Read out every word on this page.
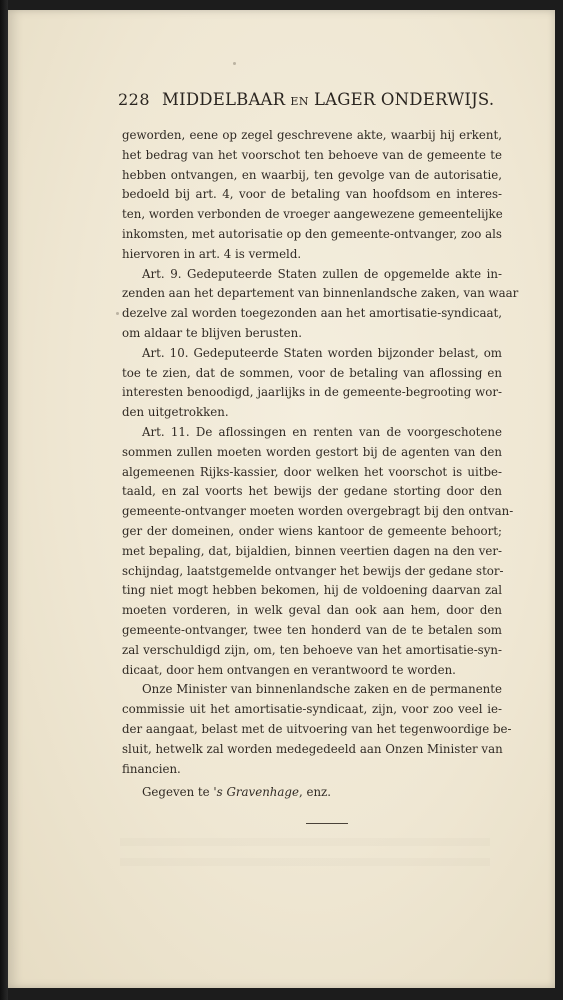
228 MIDDELBAAR EN LAGER ONDERWIJS.
geworden, eene op zegel geschrevene akte, waarbij hij erkent,
het bedrag van het voorschot ten behoeve van de gemeente te
hebben ontvangen, en waarbij, ten gevolge van de autorisatie,
bedoeld bij art. 4, voor de betaling van hoofdsom en interes-
ten, worden verbonden de vroeger aangewezene gemeentelijke
inkomsten, met autorisatie op den gemeente-ontvanger, zoo als
hiervoren in art. 4 is vermeld.
Art. 9. Gedeputeerde Staten zullen de opgemelde akte in-
zenden aan het departement van binnenlandsche zaken, van waar
dezelve zal worden toegezonden aan het amortisatie-syndicaat,
om aldaar te blijven berusten.
Art. 10. Gedeputeerde Staten worden bijzonder belast, om
toe te zien, dat de sommen, voor de betaling van aflossing en
interesten benoodigd, jaarlijks in de gemeente-begrooting wor-
den uitgetrokken.
Art. 11. De aflossingen en renten van de voorgeschotene
sommen zullen moeten worden gestort bij de agenten van den
algemeenen Rijks-kassier, door welken het voorschot is uitbe-
taald, en zal voorts het bewijs der gedane storting door den
gemeente-ontvanger moeten worden overgebragt bij den ontvan-
ger der domeinen, onder wiens kantoor de gemeente behoort;
met bepaling, dat, bijaldien, binnen veertien dagen na den ver-
schijndag, laatstgemelde ontvanger het bewijs der gedane stor-
ting niet mogt hebben bekomen, hij de voldoening daarvan zal
moeten vorderen, in welk geval dan ook aan hem, door den
gemeente-ontvanger, twee ten honderd van de te betalen som
zal verschuldigd zijn, om, ten behoeve van het amortisatie-syn-
dicaat, door hem ontvangen en verantwoord te worden.
Onze Minister van binnenlandsche zaken en de permanente
commissie uit het amortisatie-syndicaat, zijn, voor zoo veel ie-
der aangaat, belast met de uitvoering van het tegenwoordige be-
sluit, hetwelk zal worden medegedeeld aan Onzen Minister van
financien.
Gegeven te 's Gravenhage, enz.
